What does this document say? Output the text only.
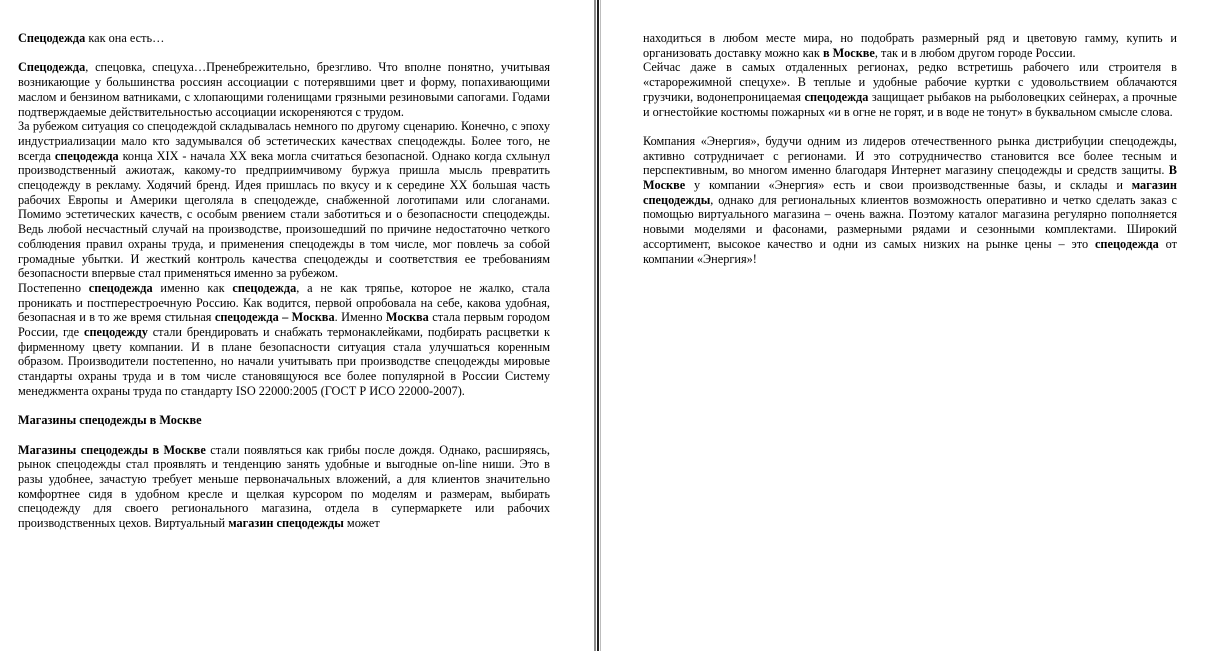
Спецодежда как она есть…

Спецодежда, спецовка, спецуха…Пренебрежительно, брезгливо. Что вполне понятно, учитывая возникающие у большинства россиян ассоциации с потерявшими цвет и форму, попахивающими маслом и бензином ватниками, с хлопающими голенищами грязными резиновыми сапогами. Годами подтверждаемые действительностью ассоциации искореняются с трудом.

За рубежом ситуация со спецодеждой складывалась немного по другому сценарию. Конечно, с эпоху индустриализации мало кто задумывался об эстетических качествах спецодежды. Более того, не всегда спецодежда конца XIX - начала XX века могла считаться безопасной. Однако когда схлынул производственный ажиотаж, какому-то предприимчивому буржуа пришла мысль превратить спецодежду в рекламу. Ходячий бренд. Идея пришлась по вкусу и к середине XX большая часть рабочих Европы и Америки щеголяла в спецодежде, снабженной логотипами или слоганами. Помимо эстетических качеств, с особым рвением стали заботиться и о безопасности спецодежды. Ведь любой несчастный случай на производстве, произошедший по причине недостаточно четкого соблюдения правил охраны труда, и применения спецодежды в том числе, мог повлечь за собой громадные убытки. И жесткий контроль качества спецодежды и соответствия ее требованиям безопасности впервые стал применяться именно за рубежом.

Постепенно спецодежда именно как спецодежда, а не как тряпье, которое не жалко, стала проникать и постперестроечную Россию. Как водится, первой опробовала на себе, какова удобная, безопасная и в то же время стильная спецодежда – Москва. Именно Москва стала первым городом России, где спецодежду стали брендировать и снабжать термонаклейками, подбирать расцветки к фирменному цвету компании. И в плане безопасности ситуация стала улучшаться коренным образом. Производители постепенно, но начали учитывать при производстве спецодежды мировые стандарты охраны труда и в том числе становящуюся все более популярной в России Систему менеджмента охраны труда по стандарту ISO 22000:2005 (ГОСТ Р ИСО 22000-2007).

Магазины спецодежды в Москве

Магазины спецодежды в Москве стали появляться как грибы после дождя. Однако, расширяясь, рынок спецодежды стал проявлять и тенденцию занять удобные и выгодные on-line ниши. Это в разы удобнее, зачастую требует меньше первоначальных вложений, а для клиентов значительно комфортнее сидя в удобном кресле и щелкая курсором по моделям и размерам, выбирать спецодежду для своего регионального магазина, отдела в супермаркете или рабочих производственных цехов. Виртуальный магазин спецодежды может

находиться в любом месте мира, но подобрать размерный ряд и цветовую гамму, купить и организовать доставку можно как в Москве, так и в любом другом городе России.

Сейчас даже в самых отдаленных регионах, редко встретишь рабочего или строителя в «старорежимной спецухе». В теплые и удобные рабочие куртки с удовольствием облачаются грузчики, водонепроницаемая спецодежда защищает рыбаков на рыболовецких сейнерах, а прочные и огнестойкие костюмы пожарных «и в огне не горят, и в воде не тонут» в буквальном смысле слова.

Компания «Энергия», будучи одним из лидеров отечественного рынка дистрибуции спецодежды, активно сотрудничает с регионами. И это сотрудничество становится все более тесным и перспективным, во многом именно благодаря Интернет магазину спецодежды и средств защиты. В Москве у компании «Энергия» есть и свои производственные базы, и склады и магазин спецодежды, однако для региональных клиентов возможность оперативно и четко сделать заказ с помощью виртуального магазина – очень важна. Поэтому каталог магазина регулярно пополняется новыми моделями и фасонами, размерными рядами и сезонными комплектами. Широкий ассортимент, высокое качество и одни из самых низких на рынке цены – это спецодежда от компании «Энергия»!
